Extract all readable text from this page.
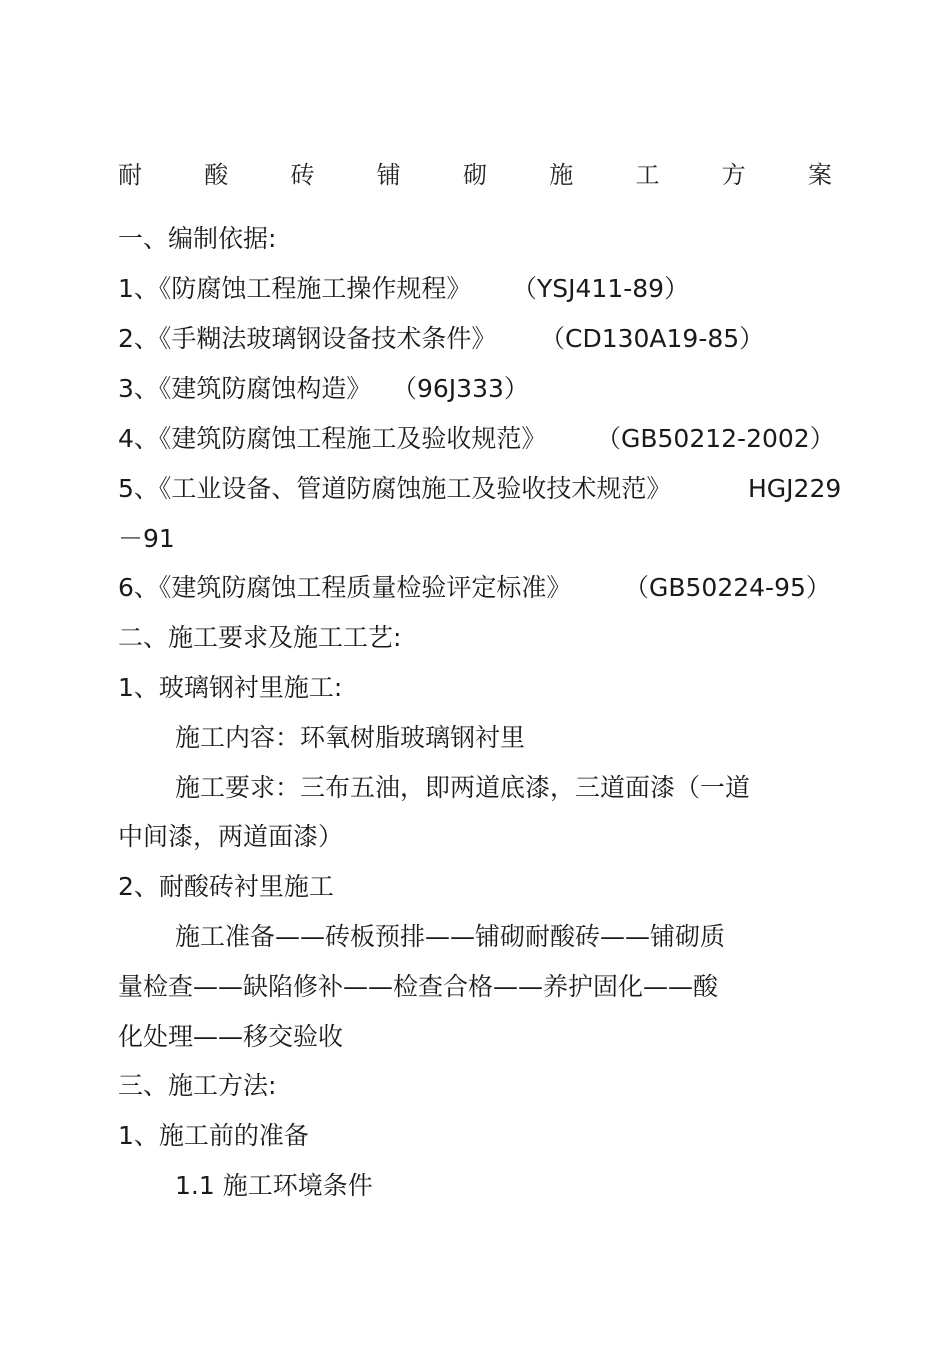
耐	酸	砖	铺	砌	施	工	方	案
一、编制依据:
1、《防腐蚀工程施工操作规程》 （YSJ411-89）
2、《手糊法玻璃钢设备技术条件》 （CD130A19-85）
3、《建筑防腐蚀构造》 （96J333）
4、《建筑防腐蚀工程施工及验收规范》 （GB50212-2002）
5、《工业设备、管道防腐蚀施工及验收技术规范》	HGJ229
－91
6、《建筑防腐蚀工程质量检验评定标准》 （GB50224-95）
二、施工要求及施工工艺:
1、玻璃钢衬里施工:
施工内容：环氧树脂玻璃钢衬里
施工要求：三布五油，即两道底漆，三道面漆（一道
中间漆，两道面漆）
2、耐酸砖衬里施工
施工准备——砖板预排——铺砌耐酸砖——铺砌质
量检查——缺陷修补——检查合格——养护固化——酸
化处理——移交验收
三、施工方法:
1、施工前的准备
1.1 施工环境条件
